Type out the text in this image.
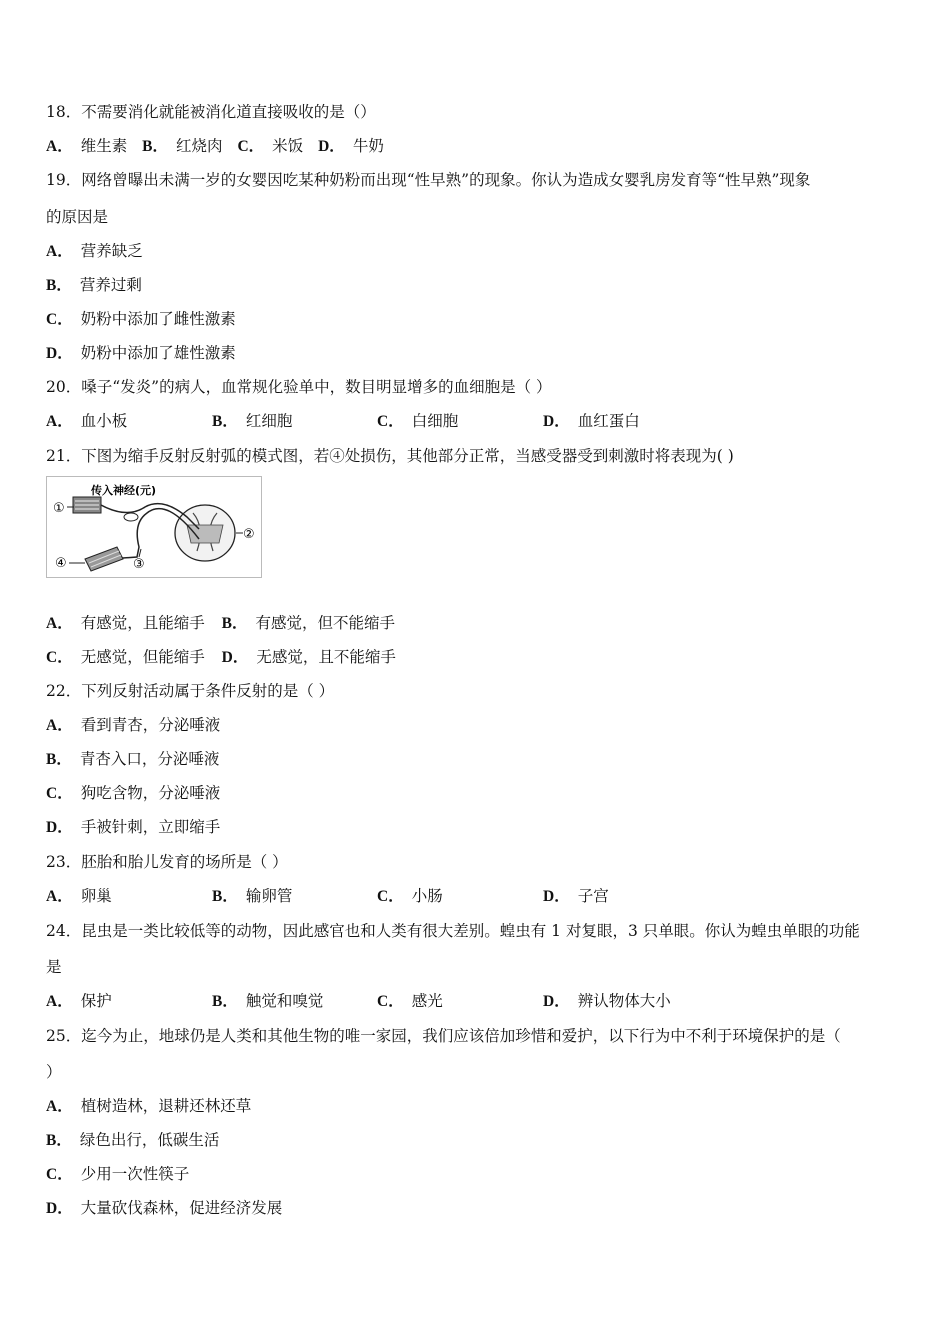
18．不需要消化就能被消化道直接吸收的是（）
A． 维生素 B． 红烧肉 C． 米饭 D． 牛奶
19．网络曾曝出未满一岁的女婴因吃某种奶粉而出现“性早熟”的现象。你认为造成女婴乳房发育等“性早熟”现象
的原因是
A． 营养缺乏
B． 营养过剩
C． 奶粉中添加了雌性激素
D． 奶粉中添加了雄性激素
20．嗓子“发炎”的病人，血常规化验单中，数目明显增多的血细胞是（ ）
A． 血小板	B． 红细胞	C． 白细胞	D． 血红蛋白
21．下图为缩手反射反射弧的模式图，若④处损伤，其他部分正常，当感受器受到刺激时将表现为( )
传入神经(元)
①
②
③
④
A． 有感觉，且能缩手 B． 有感觉，但不能缩手
C． 无感觉，但能缩手 D． 无感觉，且不能缩手
22．下列反射活动属于条件反射的是（ ）
A． 看到青杏，分泌唾液
B． 青杏入口，分泌唾液
C． 狗吃含物，分泌唾液
D． 手被针刺，立即缩手
23．胚胎和胎儿发育的场所是（ ）
A． 卵巢	B． 输卵管	C． 小肠	D． 子宫
24．昆虫是一类比较低等的动物，因此感官也和人类有很大差别。蝗虫有 1 对复眼，3 只单眼。你认为蝗虫单眼的功能
是
A． 保护	B． 触觉和嗅觉	C． 感光	D． 辨认物体大小
25．迄今为止，地球仍是人类和其他生物的唯一家园，我们应该倍加珍惜和爱护，以下行为中不利于环境保护的是（
）
A． 植树造林，退耕还林还草
B． 绿色出行，低碳生活
C． 少用一次性筷子
D． 大量砍伐森林，促进经济发展
